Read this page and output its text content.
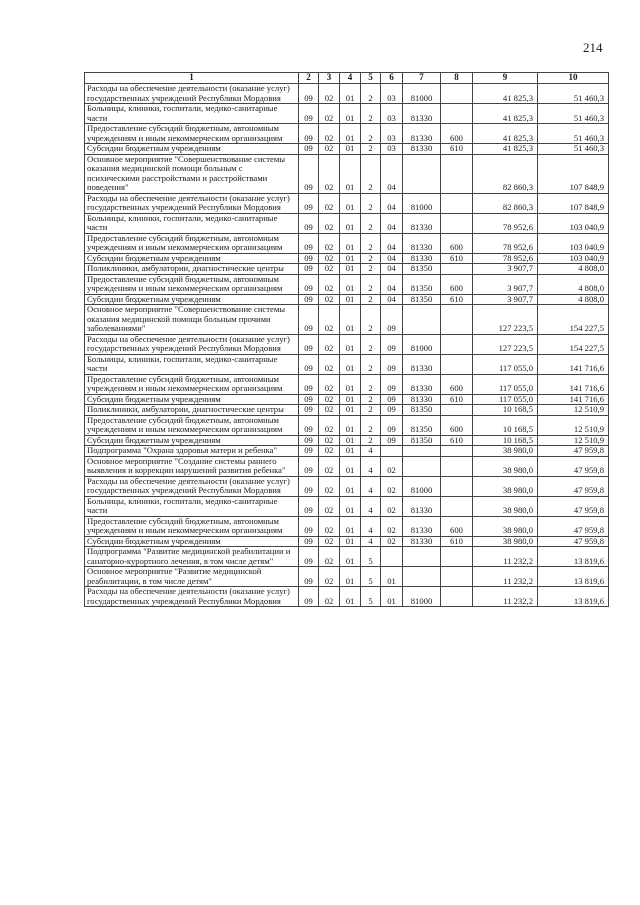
214
1	2	3	4	5	6	7	8	9	10
Расходы на обеспечение деятельности (оказание услуг) государственных учреждений Республики Мордовия	09	02	01	2	03	81000		41 825,3	51 460,3
Больницы, клиники, госпитали, медико-санитарные части	09	02	01	2	03	81330		41 825,3	51 460,3
Предоставление субсидий бюджетным, автономным учреждениям и иным некоммерческим организациям	09	02	01	2	03	81330	600	41 825,3	51 460,3
Субсидии бюджетным учреждениям	09	02	01	2	03	81330	610	41 825,3	51 460,3
Основное мероприятие "Совершенствование системы оказания медицинской помощи больным с психическими расстройствами и расстройствами поведения"	09	02	01	2	04			82 860,3	107 848,9
Расходы на обеспечение деятельности (оказание услуг) государственных учреждений Республики Мордовия	09	02	01	2	04	81000		82 860,3	107 848,9
Больницы, клиники, госпитали, медико-санитарные части	09	02	01	2	04	81330		78 952,6	103 040,9
Предоставление субсидий бюджетным, автономным учреждениям и иным некоммерческим организациям	09	02	01	2	04	81330	600	78 952,6	103 040,9
Субсидии бюджетным учреждениям	09	02	01	2	04	81330	610	78 952,6	103 040,9
Поликлиники, амбулатории, диагностические центры	09	02	01	2	04	81350		3 907,7	4 808,0
Предоставление субсидий бюджетным, автономным учреждениям и иным некоммерческим организациям	09	02	01	2	04	81350	600	3 907,7	4 808,0
Субсидии бюджетным учреждениям	09	02	01	2	04	81350	610	3 907,7	4 808,0
Основное мероприятие "Совершенствование системы оказания медицинской помощи больным прочими заболеваниями"	09	02	01	2	09			127 223,5	154 227,5
Расходы на обеспечение деятельности (оказание услуг) государственных учреждений Республики Мордовия	09	02	01	2	09	81000		127 223,5	154 227,5
Больницы, клиники, госпитали, медико-санитарные части	09	02	01	2	09	81330		117 055,0	141 716,6
Предоставление субсидий бюджетным, автономным учреждениям и иным некоммерческим организациям	09	02	01	2	09	81330	600	117 055,0	141 716,6
Субсидии бюджетным учреждениям	09	02	01	2	09	81330	610	117 055,0	141 716,6
Поликлиники, амбулатории, диагностические центры	09	02	01	2	09	81350		10 168,5	12 510,9
Предоставление субсидий бюджетным, автономным учреждениям и иным некоммерческим организациям	09	02	01	2	09	81350	600	10 168,5	12 510,9
Субсидии бюджетным учреждениям	09	02	01	2	09	81350	610	10 168,5	12 510,9
Подпрограмма "Охрана здоровья матери и ребенка"	09	02	01	4				38 980,0	47 959,8
Основное мероприятие "Создание системы раннего выявления и коррекции нарушений развития ребенка"	09	02	01	4	02			38 980,0	47 959,8
Расходы на обеспечение деятельности (оказание услуг) государственных учреждений Республики Мордовия	09	02	01	4	02	81000		38 980,0	47 959,8
Больницы, клиники, госпитали, медико-санитарные части	09	02	01	4	02	81330		38 980,0	47 959,8
Предоставление субсидий бюджетным, автономным учреждениям и иным некоммерческим организациям	09	02	01	4	02	81330	600	38 980,0	47 959,8
Субсидии бюджетным учреждениям	09	02	01	4	02	81330	610	38 980,0	47 959,8
Подпрограмма "Развитие медицинской реабилитации и санаторно-курортного лечения, в том числе детям"	09	02	01	5				11 232,2	13 819,6
Основное мероприятие "Развитие медицинской реабилитации, в том числе детям"	09	02	01	5	01			11 232,2	13 819,6
Расходы на обеспечение деятельности (оказание услуг) государственных учреждений Республики Мордовия	09	02	01	5	01	81000		11 232,2	13 819,6
